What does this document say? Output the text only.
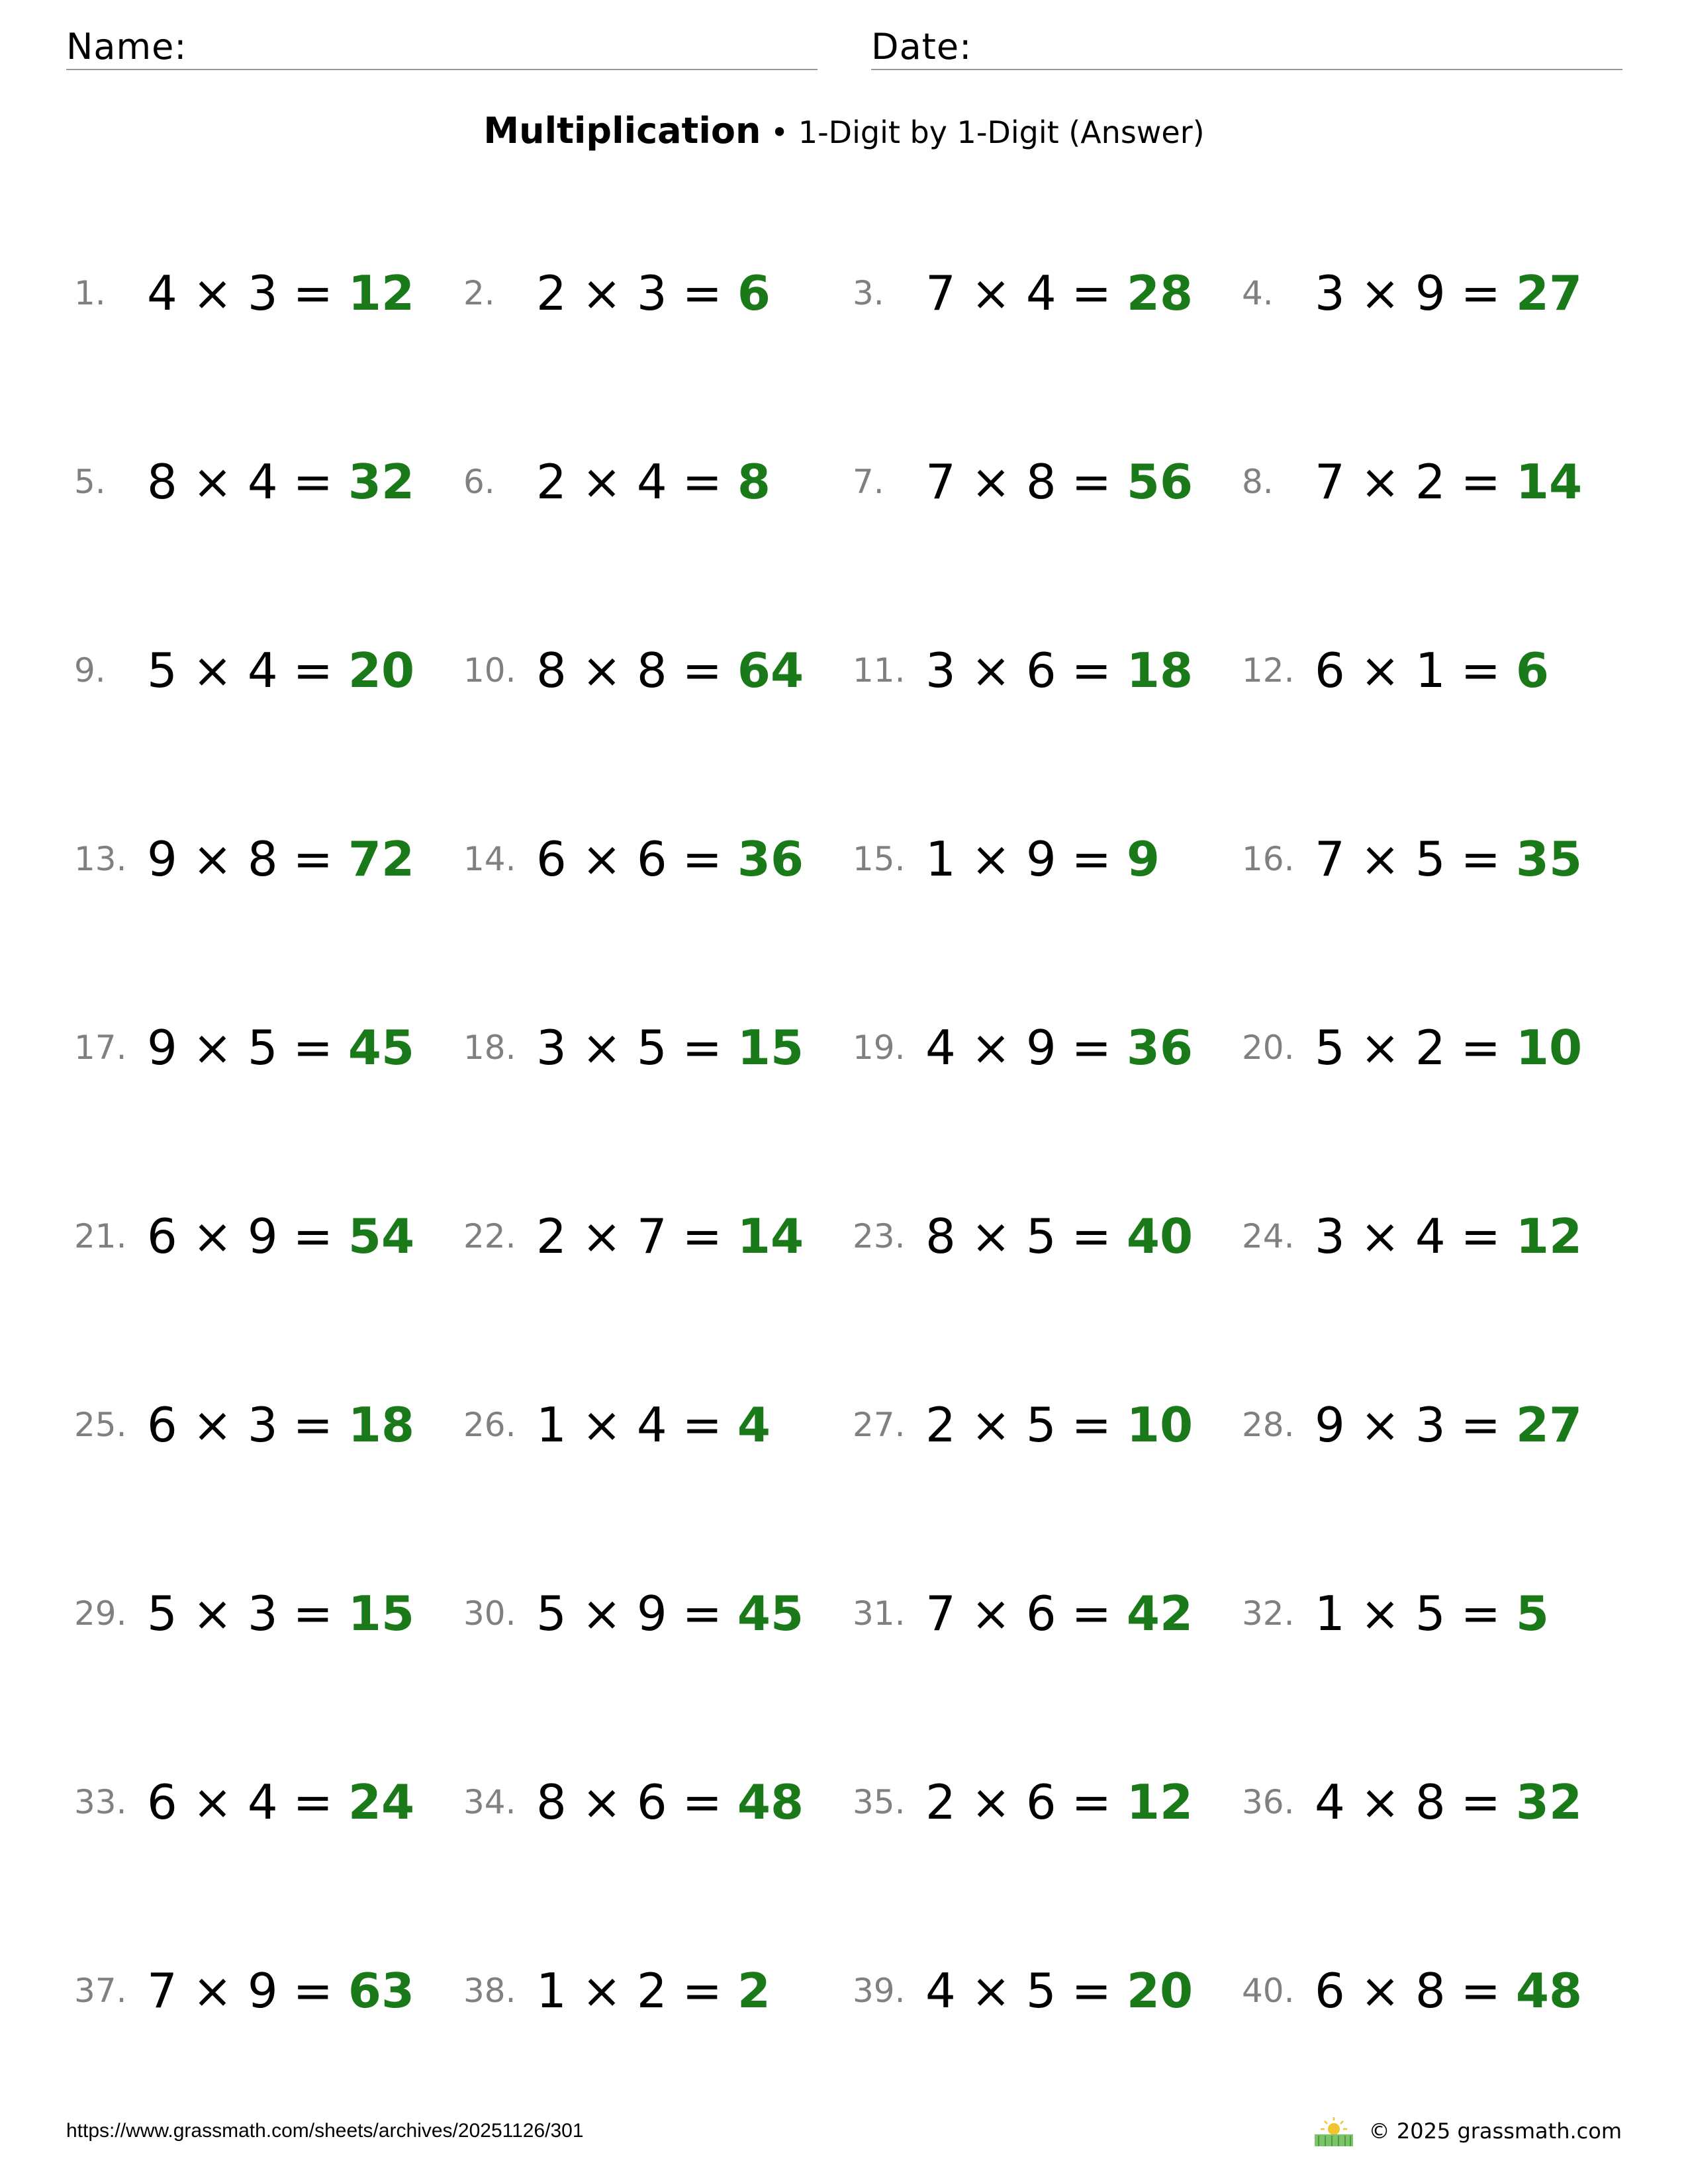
Name:	Date:
Multiplication • 1-Digit by 1-Digit (Answer)
1. 4 × 3 = 12 2. 2 × 3 = 6 3. 7 × 4 = 28 4. 3 × 9 = 27
5. 8 × 4 = 32 6. 2 × 4 = 8 7. 7 × 8 = 56 8. 7 × 2 = 14
9. 5 × 4 = 20 10. 8 × 8 = 64 11. 3 × 6 = 18 12. 6 × 1 = 6
13. 9 × 8 = 72 14. 6 × 6 = 36 15. 1 × 9 = 9 16. 7 × 5 = 35
17. 9 × 5 = 45 18. 3 × 5 = 15 19. 4 × 9 = 36 20. 5 × 2 = 10
21. 6 × 9 = 54 22. 2 × 7 = 14 23. 8 × 5 = 40 24. 3 × 4 = 12
25. 6 × 3 = 18 26. 1 × 4 = 4 27. 2 × 5 = 10 28. 9 × 3 = 27
29. 5 × 3 = 15 30. 5 × 9 = 45 31. 7 × 6 = 42 32. 1 × 5 = 5
33. 6 × 4 = 24 34. 8 × 6 = 48 35. 2 × 6 = 12 36. 4 × 8 = 32
37. 7 × 9 = 63 38. 1 × 2 = 2 39. 4 × 5 = 20 40. 6 × 8 = 48
https://www.grassmath.com/sheets/archives/20251126/301	© 2025 grassmath.com
